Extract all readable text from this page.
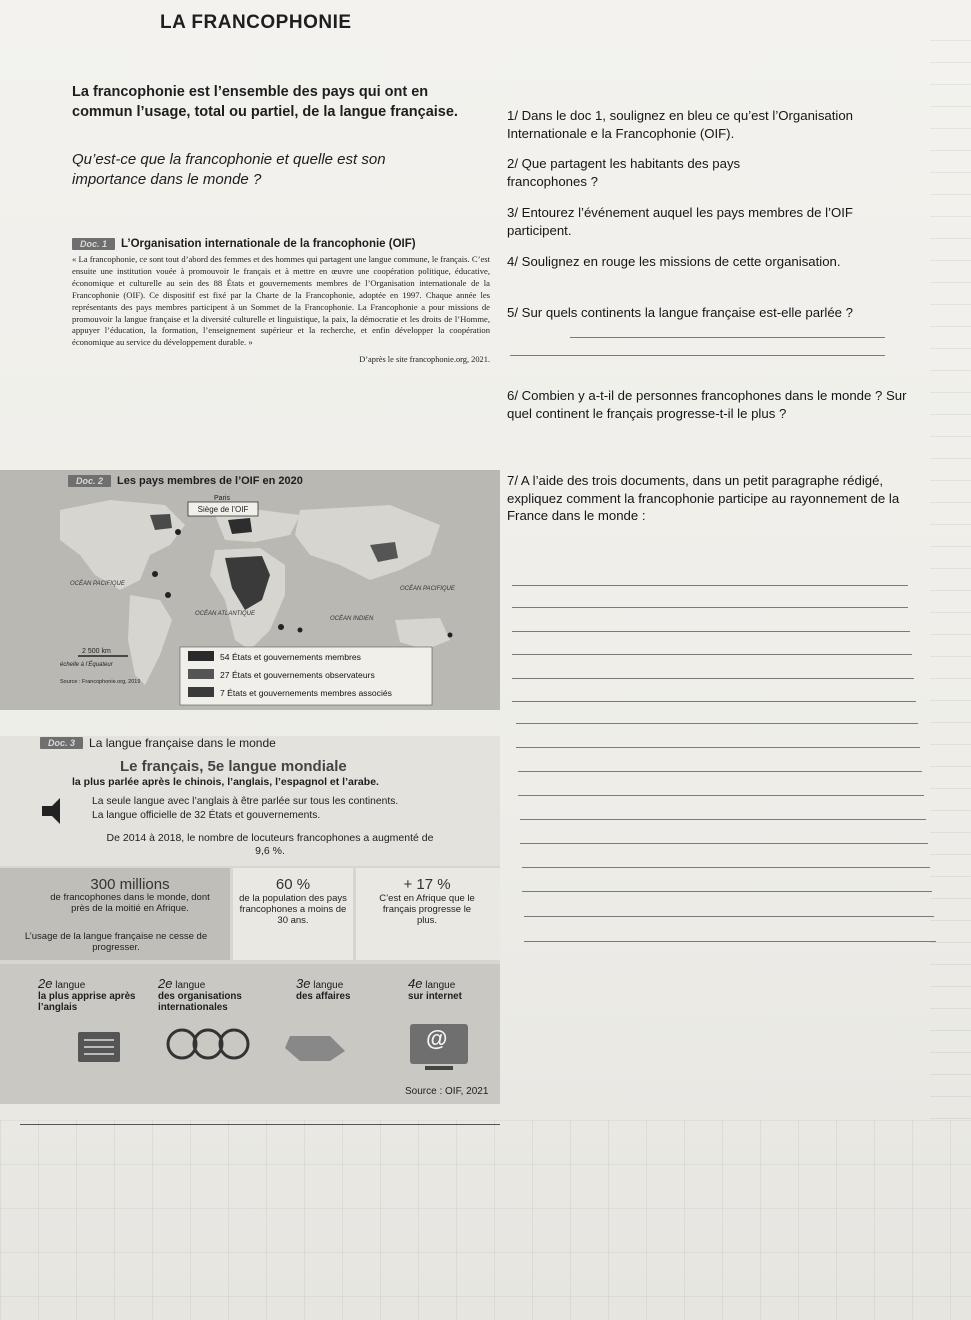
LA FRANCOPHONIE
La francophonie est l’ensemble des pays qui ont en commun l’usage, total ou partiel, de la langue française.
Qu’est-ce que la francophonie et quelle est son importance dans le monde ?
Doc. 1	L’Organisation internationale de la francophonie (OIF)
« La francophonie, ce sont tout d’abord des femmes et des hommes qui partagent une langue commune, le français. C’est ensuite une institution vouée à promouvoir le français et à mettre en œuvre une coopération politique, éducative, économique et culturelle au sein des 88 États et gouvernements membres de l’Organisation internationale de la Francophonie (OIF). Ce dispositif est fixé par la Charte de la Francophonie, adoptée en 1997. Chaque année les représentants des pays membres participent à un Sommet de la Francophonie. La Francophonie a pour missions de promouvoir la langue française et la diversité culturelle et linguistique, la paix, la démocratie et les droits de l’Homme, appuyer l’éducation, la formation, l’enseignement supérieur et la recherche, et enfin développer la coopération économique au service du développement durable. »
D’après le site francophonie.org, 2021.
Paris
Siège de l’OIF
OCÉAN PACIFIQUE
OCÉAN PACIFIQUE
OCÉAN ATLANTIQUE
OCÉAN INDIEN
2 500 km
échelle à l’Équateur
Source : Francophonie.org, 2019
54 États et gouvernements membres
27 États et gouvernements observateurs
7 États et gouvernements membres associés
Doc. 2	Les pays membres de l’OIF en 2020
Doc. 3	La langue française dans le monde
Le français, 5e langue mondiale
la plus parlée après le chinois, l’anglais, l’espagnol et l’arabe.
La seule langue avec l’anglais à être parlée sur tous les continents.
La langue officielle de 32 États et gouvernements.
De 2014 à 2018, le nombre de locuteurs francophones a augmenté de 9,6 %.
300 millions
de francophones dans le monde, dont près de la moitié en Afrique.
L’usage de la langue française ne cesse de progresser.
60 %
de la population des pays francophones a moins de 30 ans.
+ 17 %
C’est en Afrique que le français progresse le plus.
2e langue
la plus apprise après l’anglais
2e langue
des organisations internationales
3e langue
des affaires
4e langue
sur internet
@
Source : OIF, 2021
1/ Dans le doc 1, soulignez en bleu ce qu’est l’Organisation Internationale e la Francophonie (OIF).
2/ Que partagent les habitants des pays francophones ?
3/ Entourez l’événement auquel les pays membres de l’OIF participent.
4/ Soulignez en rouge les missions de cette organisation.
5/ Sur quels continents la langue française est-elle parlée ?
6/ Combien y a-t-il de personnes francophones dans le monde ? Sur quel continent le français progresse-t-il le plus ?
7/ A l’aide des trois documents, dans un petit paragraphe rédigé, expliquez comment la francophonie participe au rayonnement de la France dans le monde :
